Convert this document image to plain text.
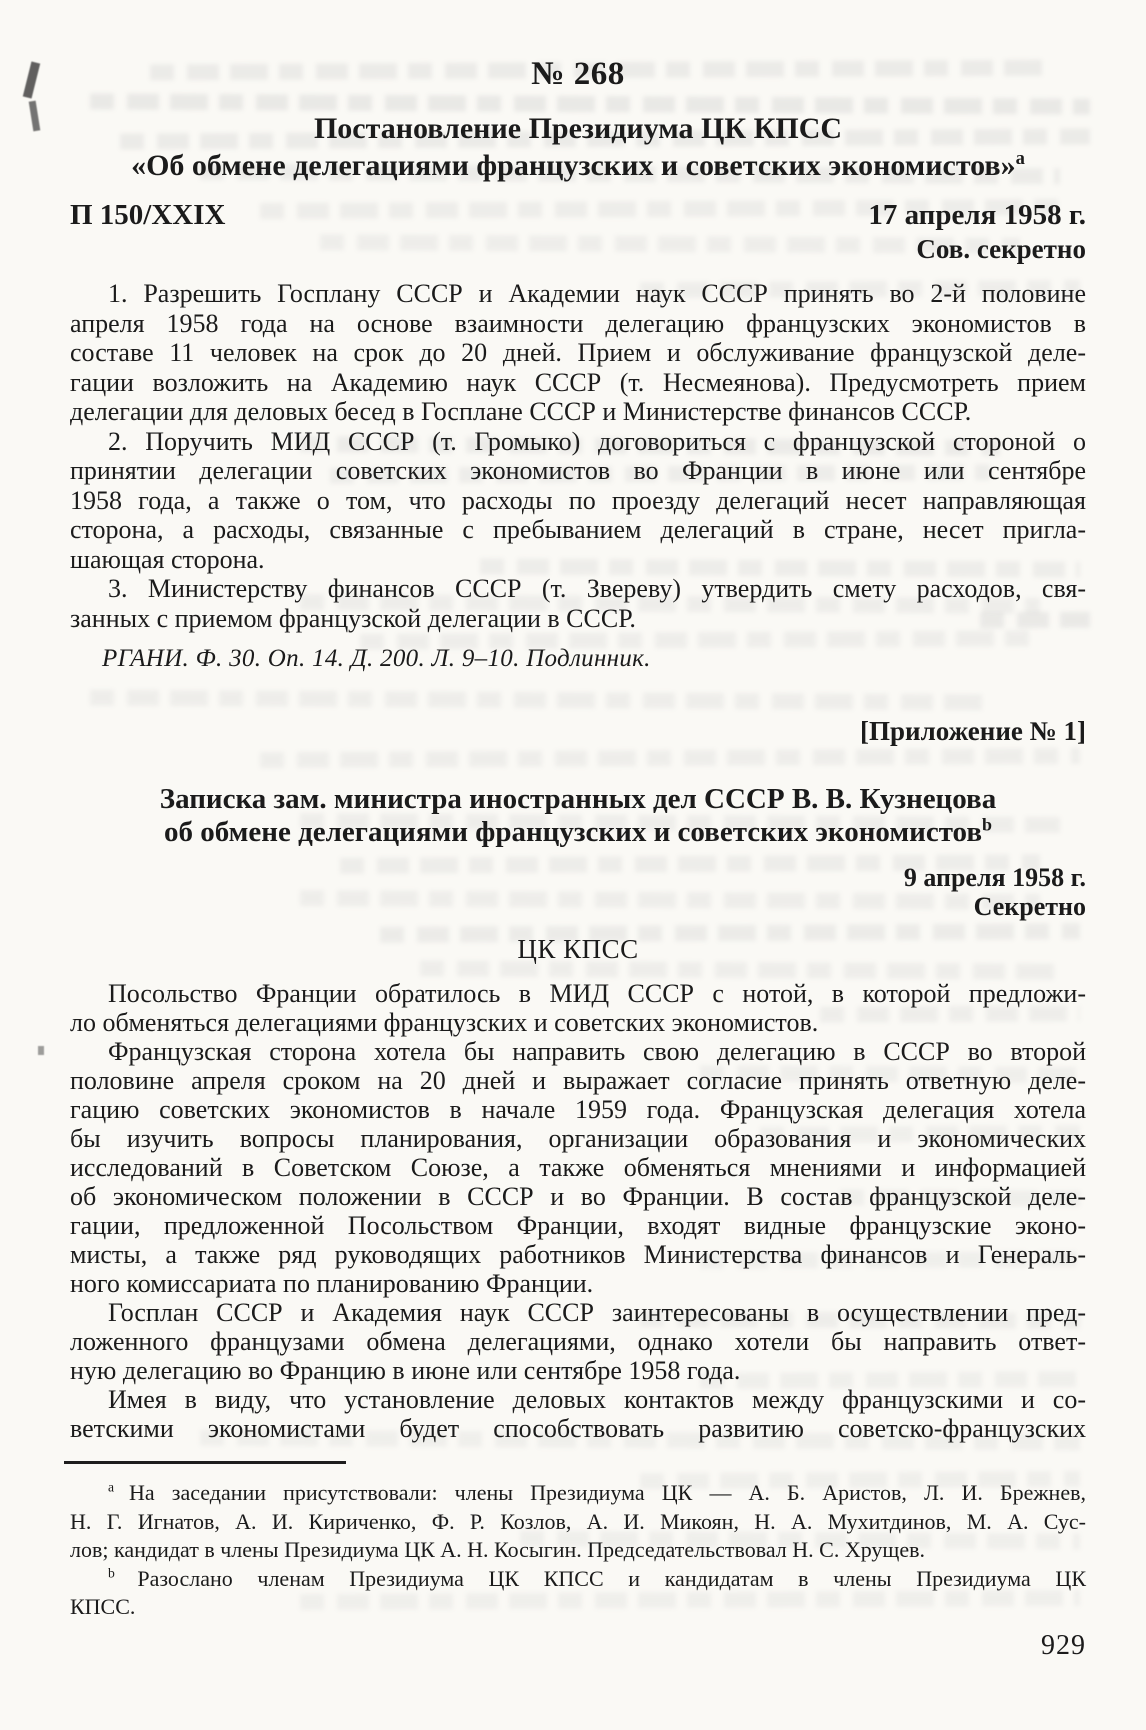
№ 268
Постановление Президиума ЦК КПСС
«Об обмене делегациями французских и советских экономистов»$^a$
П 150/XXIX	17 апреля 1958 г.
Сов. секретно
1. Разрешить Госплану СССР и Академии наук СССР принять во 2-й половине
апреля 1958 года на основе взаимности делегацию французских экономистов в
составе 11 человек на срок до 20 дней. Прием и обслуживание французской деле-
гации возложить на Академию наук СССР (т. Несмеянова). Предусмотреть прием
делегации для деловых бесед в Госплане СССР и Министерстве финансов СССР.
2. Поручить МИД СССР (т. Громыко) договориться с французской стороной о
принятии делегации советских экономистов во Франции в июне или сентябре
1958 года, а также о том, что расходы по проезду делегаций несет направляющая
сторона, а расходы, связанные с пребыванием делегаций в стране, несет пригла-
шающая сторона.
3. Министерству финансов СССР (т. Звереву) утвердить смету расходов, свя-
занных с приемом французской делегации в СССР.
РГАНИ. Ф. 30. Оп. 14. Д. 200. Л. 9–10. Подлинник.
[Приложение № 1]
Записка зам. министра иностранных дел СССР В. В. Кузнецова
об обмене делегациями французских и советских экономистов$^b$
9 апреля 1958 г.
Секретно
ЦК КПСС
Посольство Франции обратилось в МИД СССР с нотой, в которой предложи-
ло обменяться делегациями французских и советских экономистов.
Французская сторона хотела бы направить свою делегацию в СССР во второй
половине апреля сроком на 20 дней и выражает согласие принять ответную деле-
гацию советских экономистов в начале 1959 года. Французская делегация хотела
бы изучить вопросы планирования, организации образования и экономических
исследований в Советском Союзе, а также обменяться мнениями и информацией
об экономическом положении в СССР и во Франции. В состав французской деле-
гации, предложенной Посольством Франции, входят видные французские эконо-
мисты, а также ряд руководящих работников Министерства финансов и Генераль-
ного комиссариата по планированию Франции.
Госплан СССР и Академия наук СССР заинтересованы в осуществлении пред-
ложенного французами обмена делегациями, однако хотели бы направить ответ-
ную делегацию во Францию в июне или сентябре 1958 года.
Имея в виду, что установление деловых контактов между французскими и со-
ветскими экономистами будет способствовать развитию советско-французских
$^a$ На заседании присутствовали: члены Президиума ЦК — А. Б. Аристов, Л. И. Брежнев,
Н. Г. Игнатов, А. И. Кириченко, Ф. Р. Козлов, А. И. Микоян, Н. А. Мухитдинов, М. А. Сус-
лов; кандидат в члены Президиума ЦК А. Н. Косыгин. Председательствовал Н. С. Хрущев.
$^b$ Разослано членам Президиума ЦК КПСС и кандидатам в члены Президиума ЦК
КПСС.
929
